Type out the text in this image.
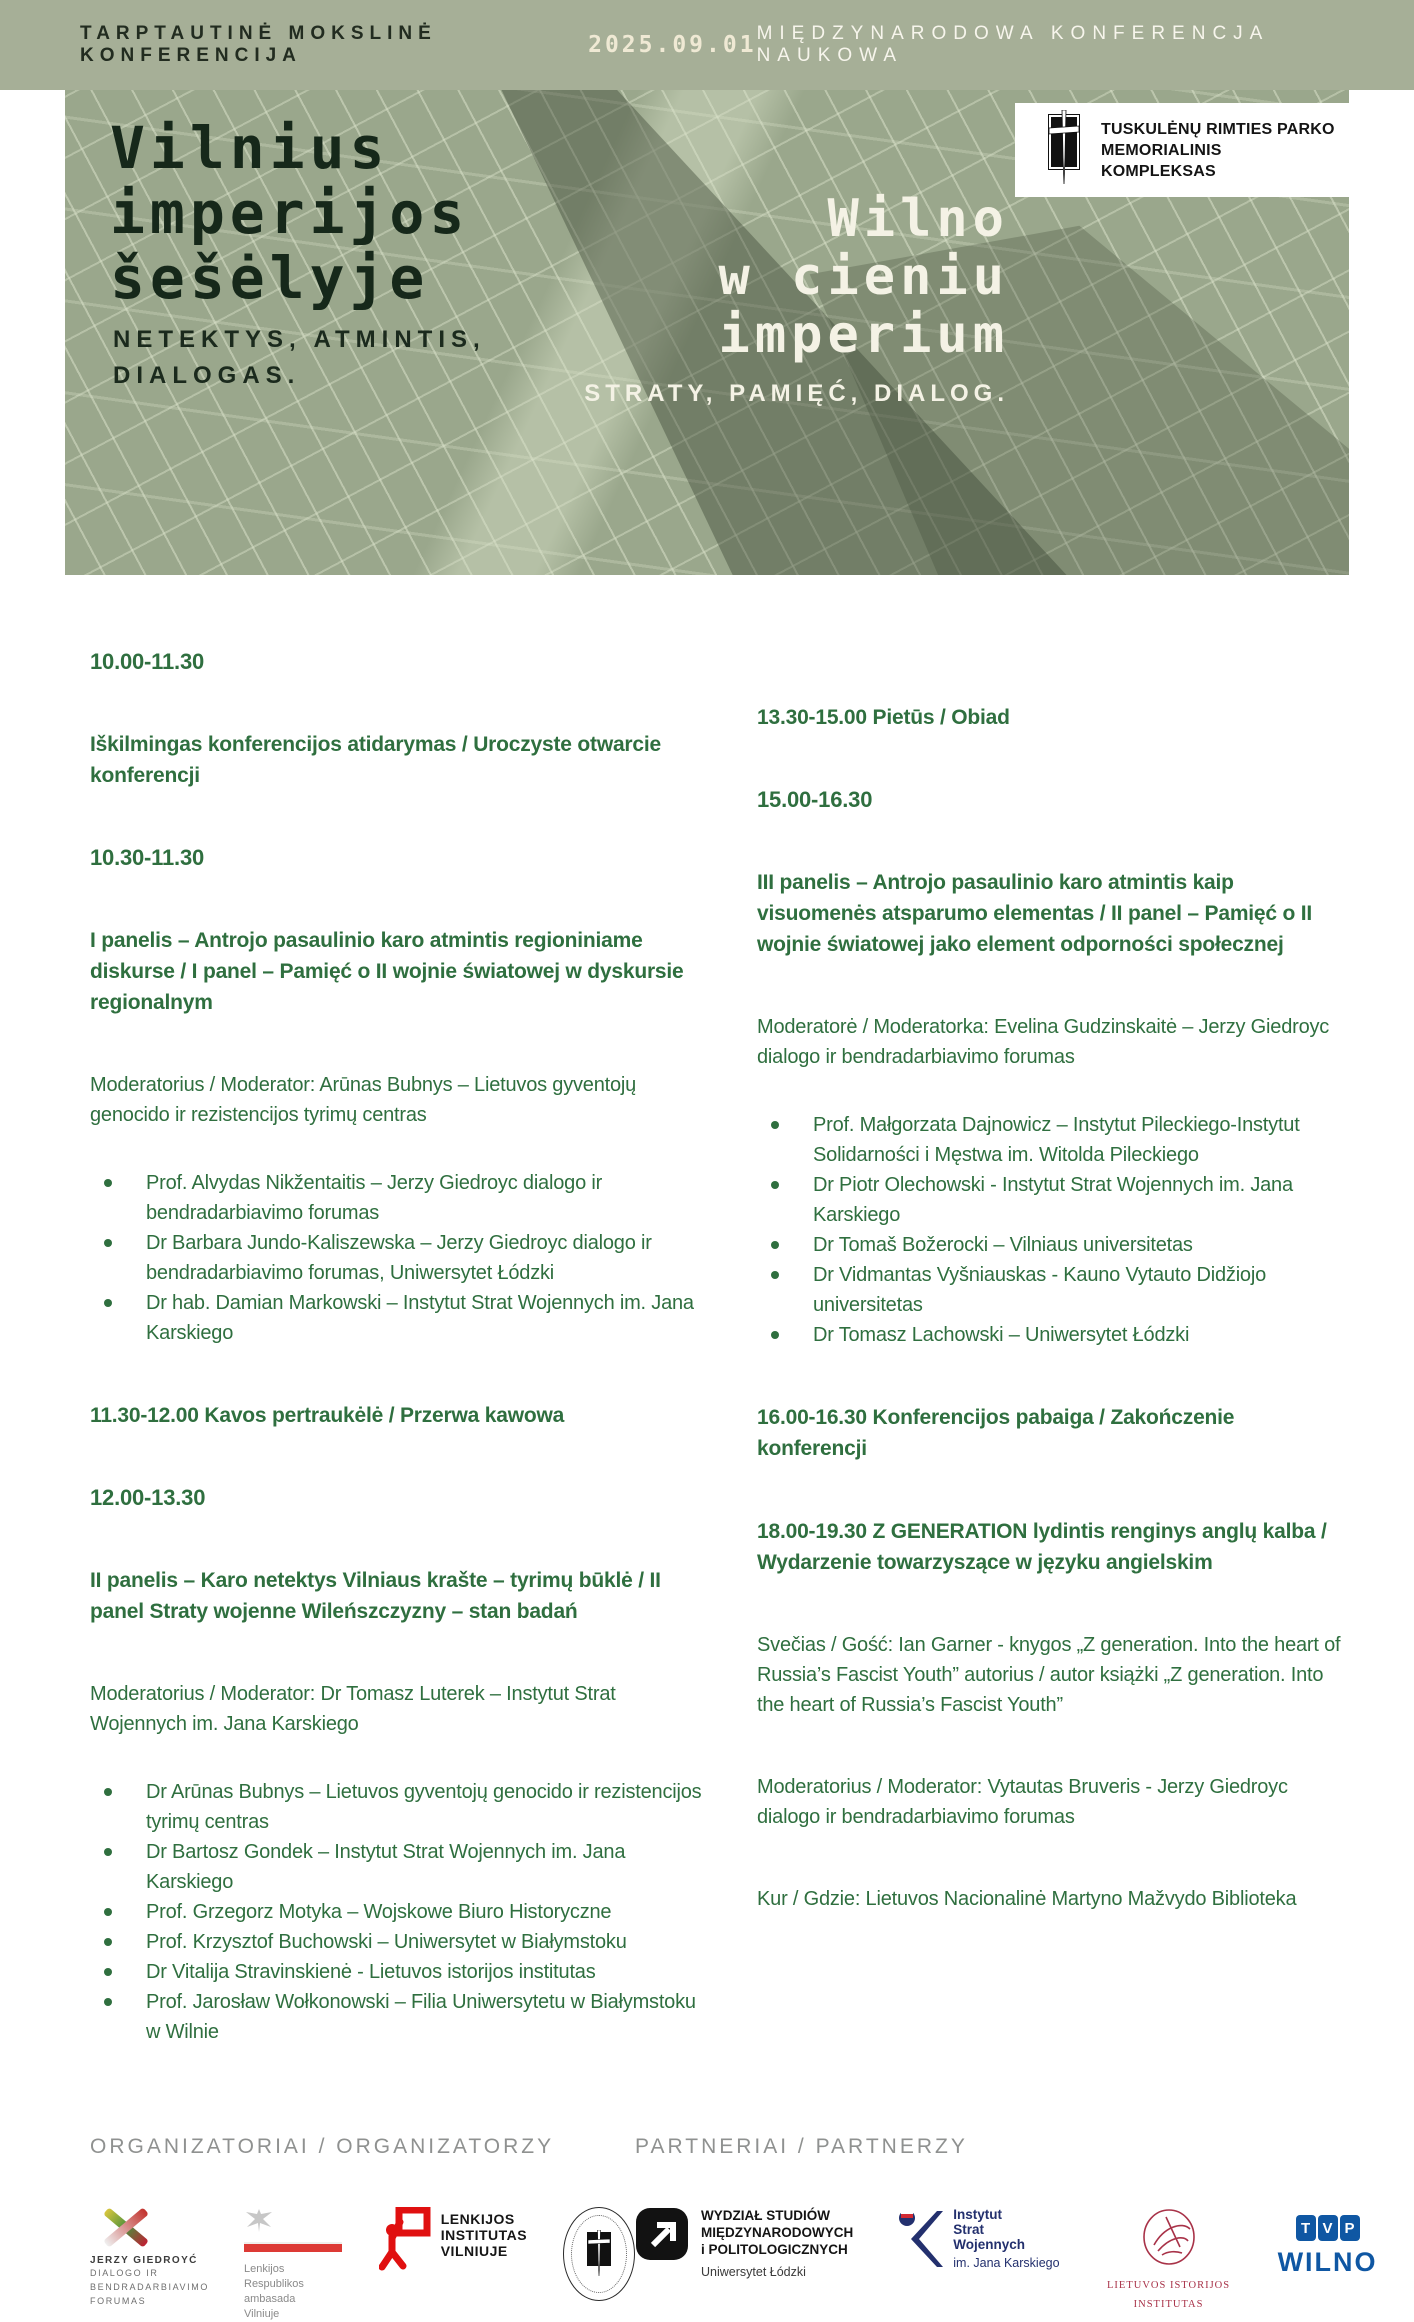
TARPTAUTINĖ MOKSLINĖ KONFERENCIJA	2025.09.01 MIĘDZYNARODOWA KONFERENCJA NAUKOWA
TUSKULĖNŲ RIMTIES PARKO
MEMORIALINIS KOMPLEKSAS
Vilnius
imperijos
šešėlyje
NETEKTYS, ATMINTIS,
DIALOGAS.
Wilno
w cieniu
imperium
STRATY, PAMIĘĆ, DIALOG.
10.00-11.30
Iškilmingas konferencijos atidarymas / Uroczyste otwarcie konferencji
10.30-11.30
I panelis – Antrojo pasaulinio karo atmintis regioniniame diskurse / I panel – Pamięć o II wojnie światowej w dyskursie regionalnym
Moderatorius / Moderator: Arūnas Bubnys – Lietuvos gyventojų genocido ir rezistencijos tyrimų centras
Prof. Alvydas Nikžentaitis – Jerzy Giedroyc dialogo ir bendradarbiavimo forumas
Dr Barbara Jundo-Kaliszewska – Jerzy Giedroyc dialogo ir bendradarbiavimo forumas, Uniwersytet Łódzki
Dr hab. Damian Markowski – Instytut Strat Wojennych im. Jana Karskiego
11.30-12.00 Kavos pertraukėlė / Przerwa kawowa
12.00-13.30
II panelis – Karo netektys Vilniaus krašte – tyrimų būklė / II panel Straty wojenne Wileńszczyzny – stan badań
Moderatorius / Moderator: Dr Tomasz Luterek – Instytut Strat Wojennych im. Jana Karskiego
Dr Arūnas Bubnys – Lietuvos gyventojų genocido ir rezistencijos tyrimų centras
Dr Bartosz Gondek – Instytut Strat Wojennych im. Jana Karskiego
Prof. Grzegorz Motyka – Wojskowe Biuro Historyczne
Prof. Krzysztof Buchowski – Uniwersytet w Białymstoku
Dr Vitalija Stravinskienė - Lietuvos istorijos institutas
Prof. Jarosław Wołkonowski – Filia Uniwersytetu w Białymstoku w Wilnie
13.30-15.00 Pietūs / Obiad
15.00-16.30
III panelis – Antrojo pasaulinio karo atmintis kaip visuomenės atsparumo elementas / II panel – Pamięć o II wojnie światowej jako element odporności społecznej
Moderatorė / Moderatorka: Evelina Gudzinskaitė – Jerzy Giedroyc dialogo ir bendradarbiavimo forumas
Prof. Małgorzata Dajnowicz – Instytut Pileckiego-Instytut Solidarności i Męstwa im. Witolda Pileckiego
Dr Piotr Olechowski - Instytut Strat Wojennych im. Jana Karskiego
Dr Tomaš Božerocki – Vilniaus universitetas
Dr Vidmantas Vyšniauskas - Kauno Vytauto Didžiojo universitetas
Dr Tomasz Lachowski – Uniwersytet Łódzki
16.00-16.30 Konferencijos pabaiga / Zakończenie konferencji
18.00-19.30 Z GENERATION lydintis renginys anglų kalba / Wydarzenie towarzyszące w języku angielskim
Svečias / Gość: Ian Garner - knygos „Z generation. Into the heart of Russia’s Fascist Youth” autorius / autor książki „Z generation. Into the heart of Russia’s Fascist Youth”
Moderatorius / Moderator: Vytautas Bruveris - Jerzy Giedroyc dialogo ir bendradarbiavimo forumas
Kur / Gdzie: Lietuvos Nacionalinė Martyno Mažvydo Biblioteka
ORGANIZATORIAI / ORGANIZATORZY
JERZY GIEDROYĆ
DIALOGO IR
BENDRADARBIAVIMO
FORUMAS
Lenkijos Respublikos
ambasada
Vilniuje
LENKIJOS
INSTITUTAS
VILNIUJE
PARTNERIAI / PARTNERZY
WYDZIAŁ STUDIÓW
MIĘDZYNARODOWYCH
i POLITOLOGICZNYCH
Uniwersytet Łódzki
Instytut
Strat
Wojennych
im. Jana Karskiego
LIETUVOS ISTORIJOS
INSTITUTAS
T V P
WILNO
